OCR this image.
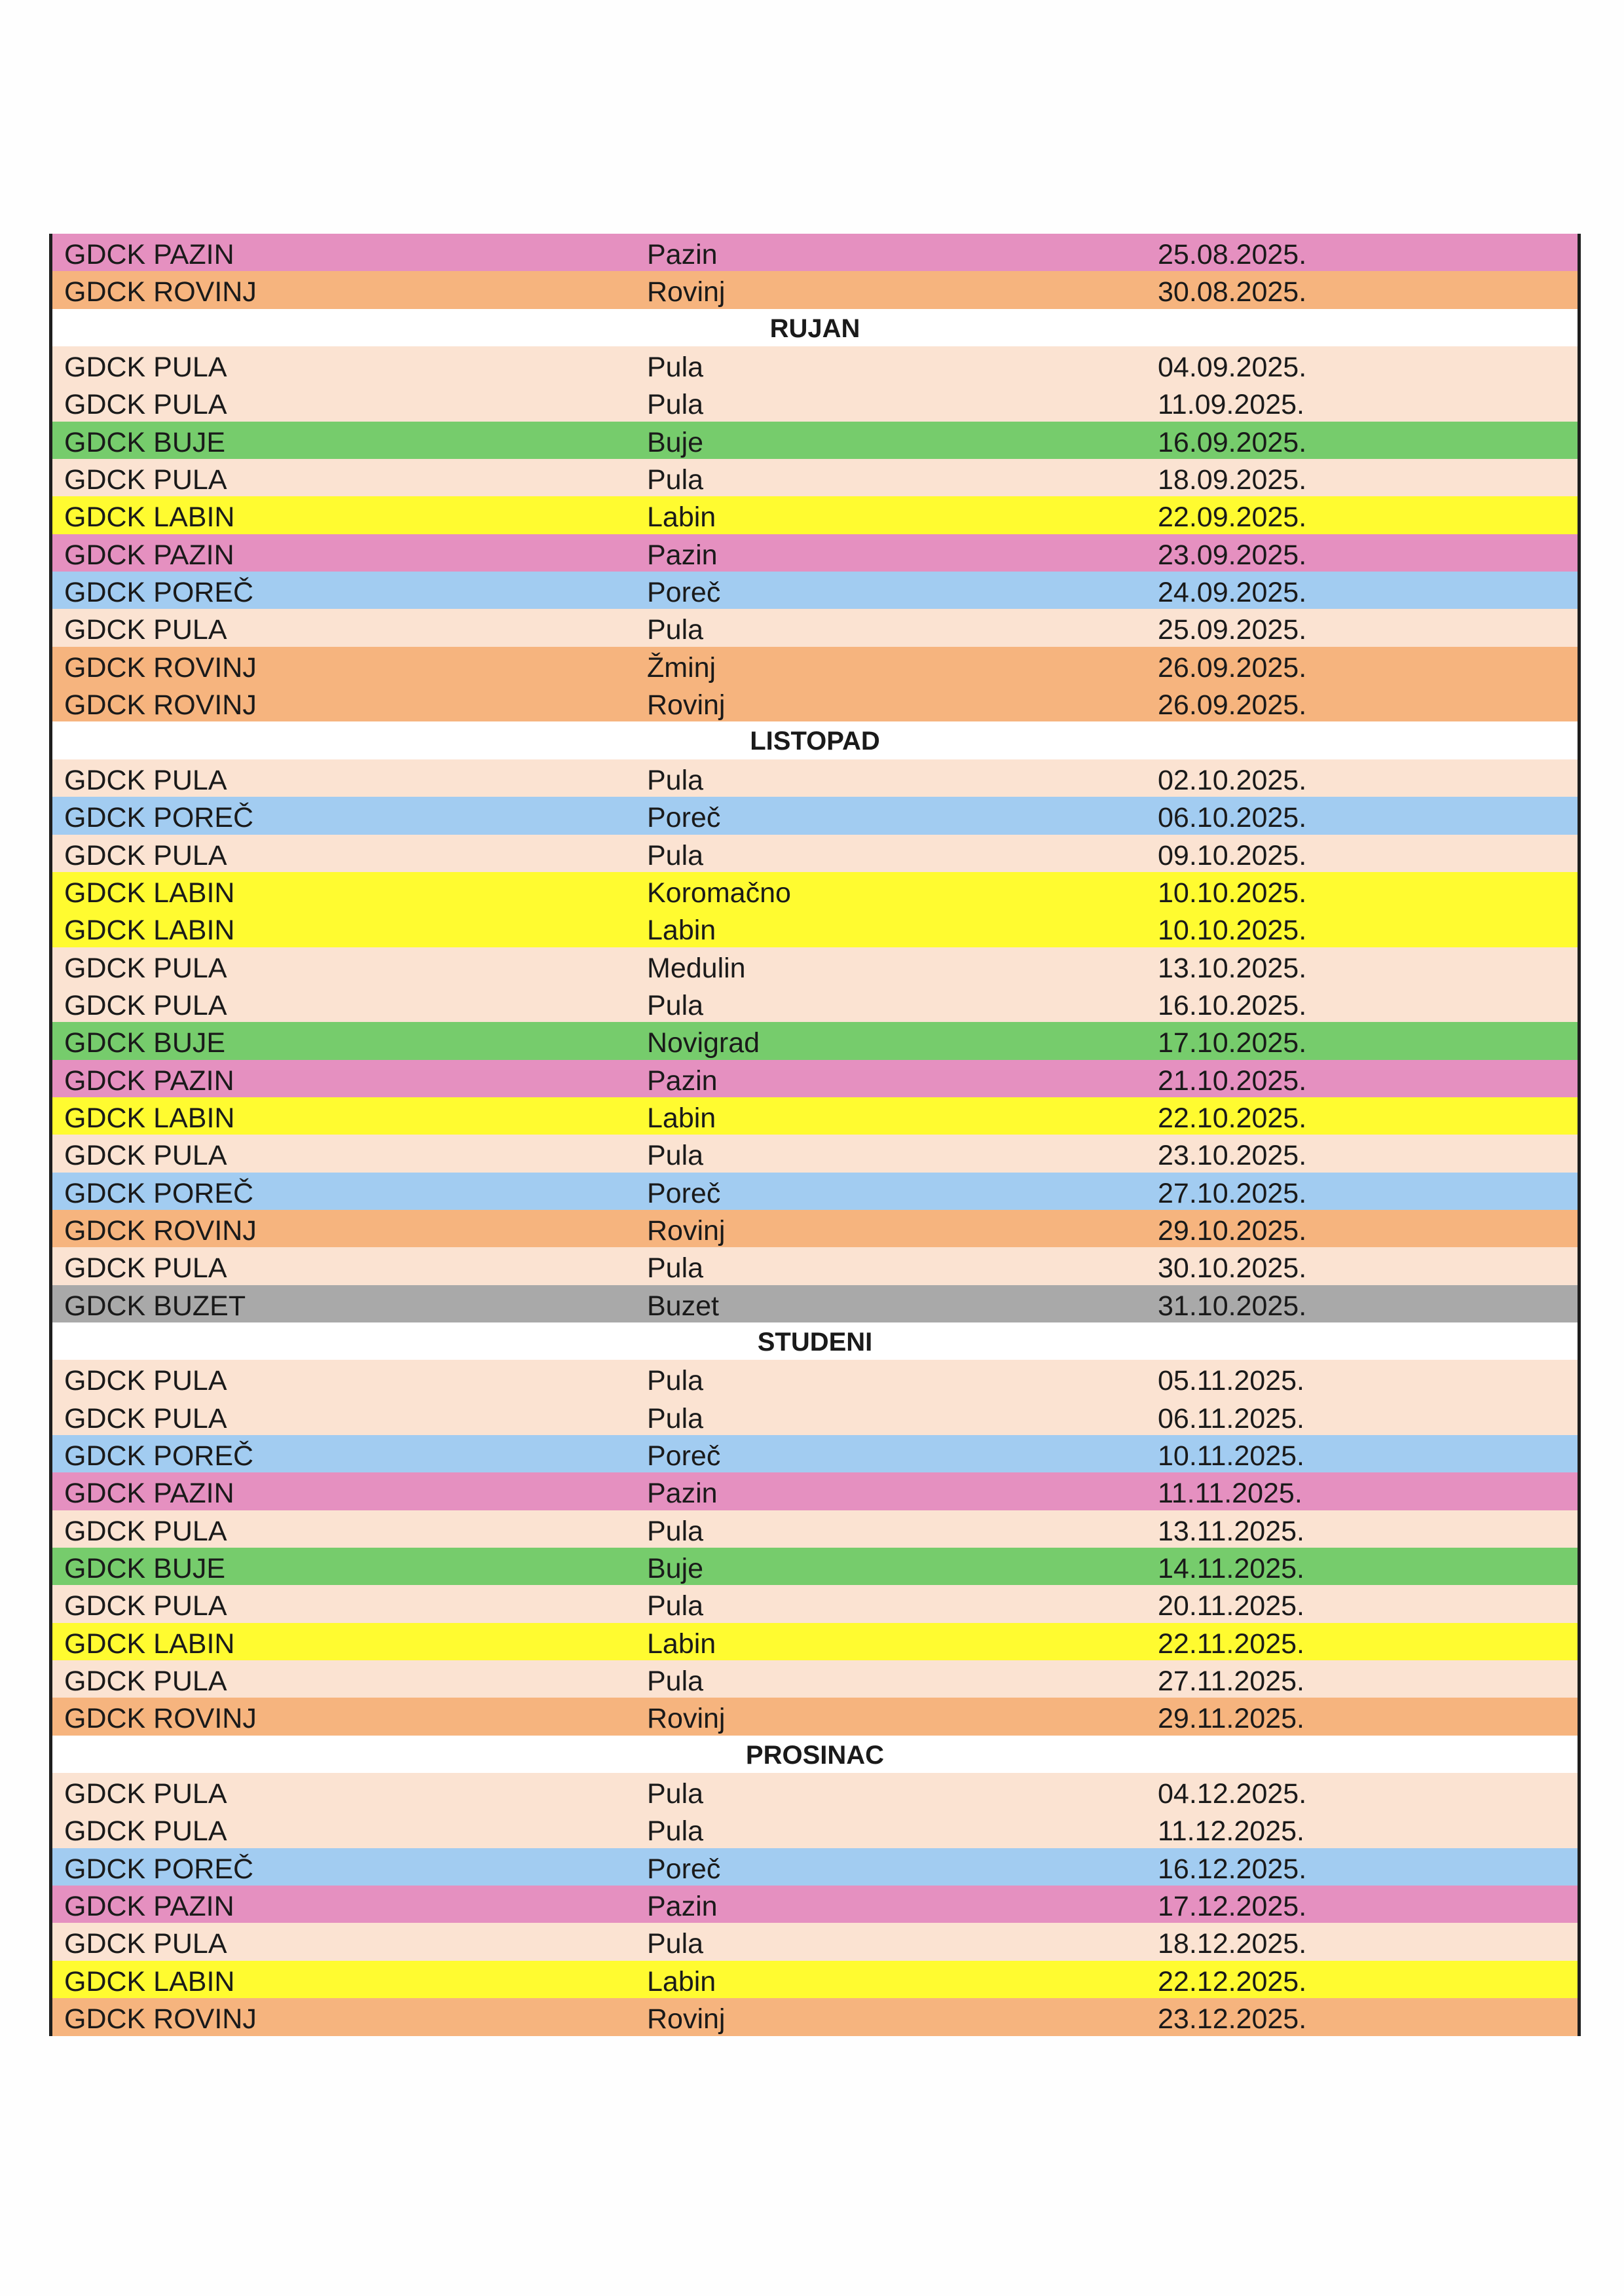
GDCK PAZIN	Pazin	25.08.2025.
GDCK ROVINJ	Rovinj	30.08.2025.
RUJAN
GDCK PULA	Pula	04.09.2025.
GDCK PULA	Pula	11.09.2025.
GDCK BUJE	Buje	16.09.2025.
GDCK PULA	Pula	18.09.2025.
GDCK LABIN	Labin	22.09.2025.
GDCK PAZIN	Pazin	23.09.2025.
GDCK POREČ	Poreč	24.09.2025.
GDCK PULA	Pula	25.09.2025.
GDCK ROVINJ	Žminj	26.09.2025.
GDCK ROVINJ	Rovinj	26.09.2025.
LISTOPAD
GDCK PULA	Pula	02.10.2025.
GDCK POREČ	Poreč	06.10.2025.
GDCK PULA	Pula	09.10.2025.
GDCK LABIN	Koromačno	10.10.2025.
GDCK LABIN	Labin	10.10.2025.
GDCK PULA	Medulin	13.10.2025.
GDCK PULA	Pula	16.10.2025.
GDCK BUJE	Novigrad	17.10.2025.
GDCK PAZIN	Pazin	21.10.2025.
GDCK LABIN	Labin	22.10.2025.
GDCK PULA	Pula	23.10.2025.
GDCK POREČ	Poreč	27.10.2025.
GDCK ROVINJ	Rovinj	29.10.2025.
GDCK PULA	Pula	30.10.2025.
GDCK BUZET	Buzet	31.10.2025.
STUDENI
GDCK PULA	Pula	05.11.2025.
GDCK PULA	Pula	06.11.2025.
GDCK POREČ	Poreč	10.11.2025.
GDCK PAZIN	Pazin	11.11.2025.
GDCK PULA	Pula	13.11.2025.
GDCK BUJE	Buje	14.11.2025.
GDCK PULA	Pula	20.11.2025.
GDCK LABIN	Labin	22.11.2025.
GDCK PULA	Pula	27.11.2025.
GDCK ROVINJ	Rovinj	29.11.2025.
PROSINAC
GDCK PULA	Pula	04.12.2025.
GDCK PULA	Pula	11.12.2025.
GDCK POREČ	Poreč	16.12.2025.
GDCK PAZIN	Pazin	17.12.2025.
GDCK PULA	Pula	18.12.2025.
GDCK LABIN	Labin	22.12.2025.
GDCK ROVINJ	Rovinj	23.12.2025.
